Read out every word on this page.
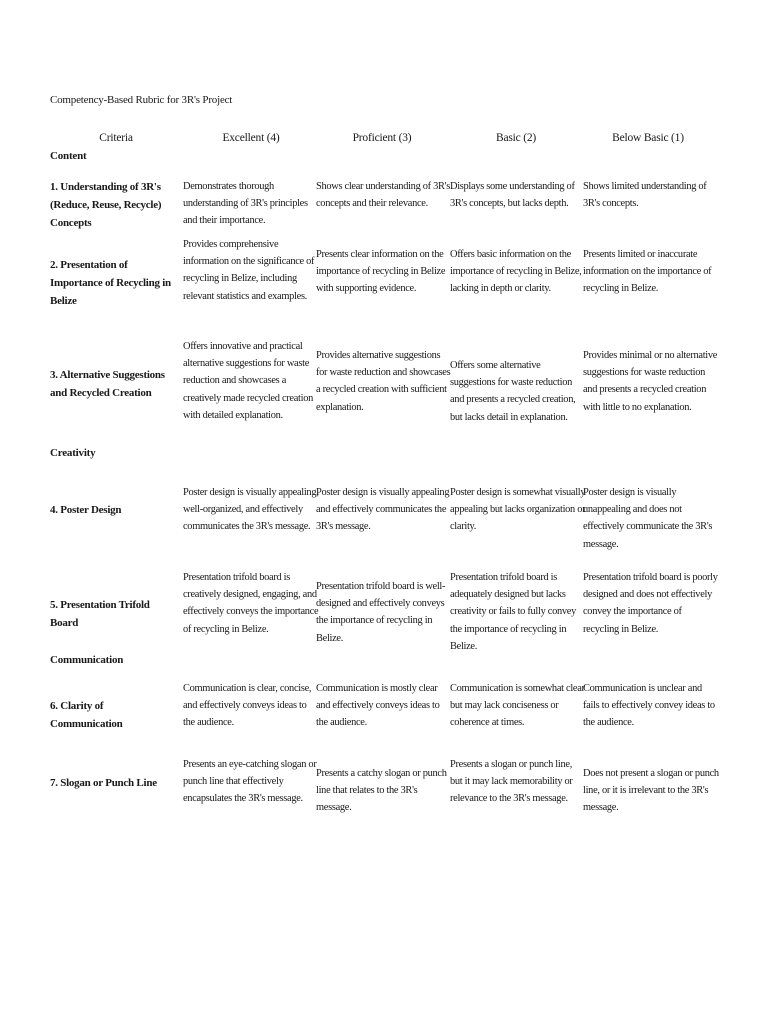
Competency-Based Rubric for 3R's Project
Criteria	Excellent (4)	Proficient (3)	Basic (2)	Below Basic (1)
Content
1. Understanding of 3R's (Reduce, Reuse, Recycle) Concepts
Demonstrates thorough understanding of 3R's principles and their importance.
Shows clear understanding of 3R's concepts and their relevance.
Displays some understanding of 3R's concepts, but lacks depth.
Shows limited understanding of 3R's concepts.
2. Presentation of Importance of Recycling in Belize
Provides comprehensive information on the significance of recycling in Belize, including relevant statistics and examples.
Presents clear information on the importance of recycling in Belize with supporting evidence.
Offers basic information on the importance of recycling in Belize, lacking in depth or clarity.
Presents limited or inaccurate information on the importance of recycling in Belize.
3. Alternative Suggestions and Recycled Creation
Offers innovative and practical alternative suggestions for waste reduction and showcases a creatively made recycled creation with detailed explanation.
Provides alternative suggestions for waste reduction and showcases a recycled creation with sufficient explanation.
Offers some alternative suggestions for waste reduction and presents a recycled creation, but lacks detail in explanation.
Provides minimal or no alternative suggestions for waste reduction and presents a recycled creation with little to no explanation.
Creativity
4. Poster Design
Poster design is visually appealing, well-organized, and effectively communicates the 3R's message.
Poster design is visually appealing and effectively communicates the 3R's message.
Poster design is somewhat visually appealing but lacks organization or clarity.
Poster design is visually unappealing and does not effectively communicate the 3R's message.
5. Presentation Trifold Board
Presentation trifold board is creatively designed, engaging, and effectively conveys the importance of recycling in Belize.
Presentation trifold board is well-designed and effectively conveys the importance of recycling in Belize.
Presentation trifold board is adequately designed but lacks creativity or fails to fully convey the importance of recycling in Belize.
Presentation trifold board is poorly designed and does not effectively convey the importance of recycling in Belize.
Communication
6. Clarity of Communication
Communication is clear, concise, and effectively conveys ideas to the audience.
Communication is mostly clear and effectively conveys ideas to the audience.
Communication is somewhat clear but may lack conciseness or coherence at times.
Communication is unclear and fails to effectively convey ideas to the audience.
7. Slogan or Punch Line
Presents an eye-catching slogan or punch line that effectively encapsulates the 3R's message.
Presents a catchy slogan or punch line that relates to the 3R's message.
Presents a slogan or punch line, but it may lack memorability or relevance to the 3R's message.
Does not present a slogan or punch line, or it is irrelevant to the 3R's message.
